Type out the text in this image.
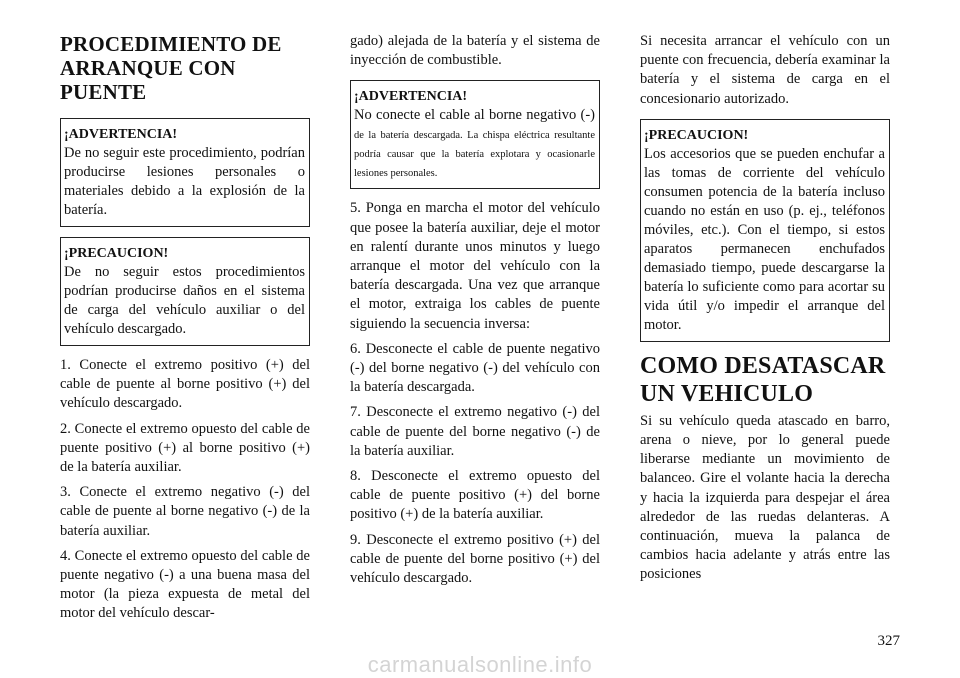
PROCEDIMIENTO DE ARRANQUE CON PUENTE
¡ADVERTENCIA!
De no seguir este procedimiento, podrían producirse lesiones personales o materiales debido a la explosión de la batería.
¡PRECAUCION!
De no seguir estos procedimientos podrían producirse daños en el sistema de carga del vehículo auxiliar o del vehículo descargado.
1. Conecte el extremo positivo (+) del cable de puente al borne positivo (+) del vehículo descargado.
2. Conecte el extremo opuesto del cable de puente positivo (+) al borne positivo (+) de la batería auxiliar.
3. Conecte el extremo negativo (-) del cable de puente al borne negativo (-) de la batería auxiliar.
4. Conecte el extremo opuesto del cable de puente negativo (-) a una buena masa del motor (la pieza expuesta de metal del motor del vehículo descar-
gado) alejada de la batería y el sistema de inyección de combustible.
¡ADVERTENCIA!
No conecte el cable al borne negativo (-) de la batería descargada. La chispa eléctrica resultante podría causar que la batería explotara y ocasionarle lesiones personales.
5. Ponga en marcha el motor del vehículo que posee la batería auxiliar, deje el motor en ralentí durante unos minutos y luego arranque el motor del vehículo con la batería descargada. Una vez que arranque el motor, extraiga los cables de puente siguiendo la secuencia inversa:
6. Desconecte el cable de puente negativo (-) del borne negativo (-) del vehículo con la batería descargada.
7. Desconecte el extremo negativo (-) del cable de puente del borne negativo (-) de la batería auxiliar.
8. Desconecte el extremo opuesto del cable de puente positivo (+) del borne positivo (+) de la batería auxiliar.
9. Desconecte el extremo positivo (+) del cable de puente del borne positivo (+) del vehículo descargado.
Si necesita arrancar el vehículo con un puente con frecuencia, debería examinar la batería y el sistema de carga en el concesionario autorizado.
¡PRECAUCION!
Los accesorios que se pueden enchufar a las tomas de corriente del vehículo consumen potencia de la batería incluso cuando no están en uso (p. ej., teléfonos móviles, etc.). Con el tiempo, si estos aparatos permanecen enchufados demasiado tiempo, puede descargarse la batería lo suficiente como para acortar su vida útil y/o impedir el arranque del motor.
COMO DESATASCAR UN VEHICULO
Si su vehículo queda atascado en barro, arena o nieve, por lo general puede liberarse mediante un movimiento de balanceo. Gire el volante hacia la derecha y hacia la izquierda para despejar el área alrededor de las ruedas delanteras. A continuación, mueva la palanca de cambios hacia adelante y atrás entre las posiciones
327
carmanualsonline.info
